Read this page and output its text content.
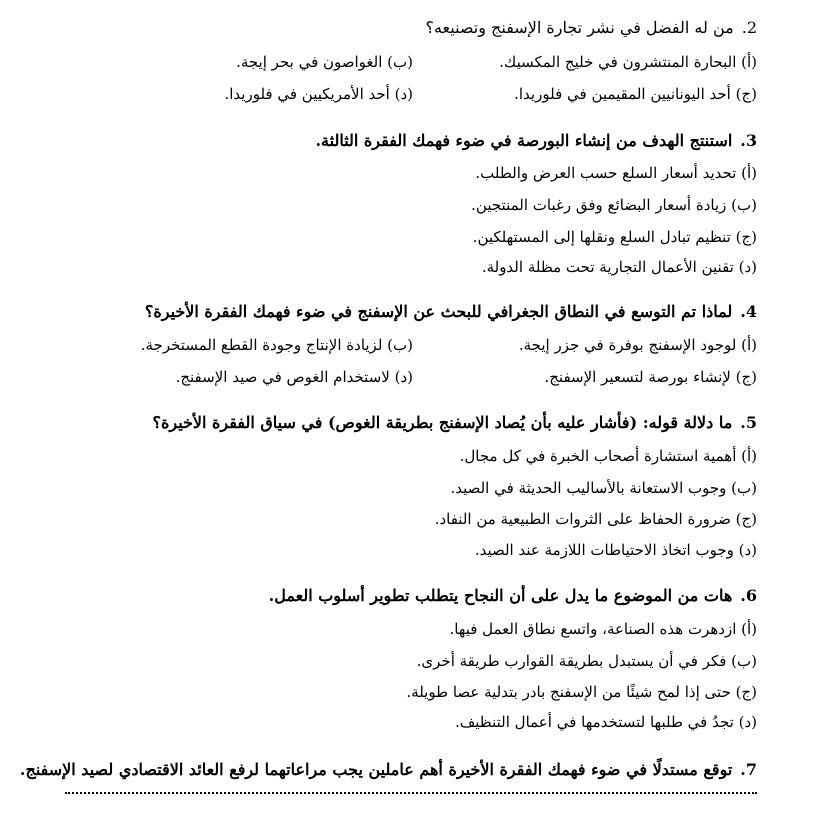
2.من له الفضل في نشر تجارة الإسفنج وتصنيعه؟
(أ) البحارة المنتشرون في خليج المكسيك.
(ب) الغواصون في بحر إيجة.
(ج) أحد اليونانيين المقيمين في فلوريدا.
(د) أحد الأمريكيين في فلوريدا.
3.استنتج الهدف من إنشاء البورصة في ضوء فهمك الفقرة الثالثة.
(أ) تحديد أسعار السلع حسب العرض والطلب.
(ب) زيادة أسعار البضائع وفق رغبات المنتجين.
(ج) تنظيم تبادل السلع ونقلها إلى المستهلكين.
(د) تقنين الأعمال التجارية تحت مظلة الدولة.
4.لماذا تم التوسع في النطاق الجغرافي للبحث عن الإسفنج في ضوء فهمك الفقرة الأخيرة؟
(أ) لوجود الإسفنج بوفرة في جزر إيجة.
(ب) لزيادة الإنتاج وجودة القطع المستخرجة.
(ج) لإنشاء بورصة لتسعير الإسفنج.
(د) لاستخدام الغوص في صيد الإسفنج.
5.ما دلالة قوله: (فأشار عليه بأن يُصاد الإسفنج بطريقة الغوص) في سياق الفقرة الأخيرة؟
(أ) أهمية استشارة أصحاب الخبرة في كل مجال.
(ب) وجوب الاستعانة بالأساليب الحديثة في الصيد.
(ج) ضرورة الحفاظ على الثروات الطبيعية من النفاد.
(د) وجوب اتخاذ الاحتياطات اللازمة عند الصيد.
6.هات من الموضوع ما يدل على أن النجاح يتطلب تطوير أسلوب العمل.
(أ) ازدهرت هذه الصناعة، واتسع نطاق العمل فيها.
(ب) فكر في أن يستبدل بطريقة القوارب طريقة أخرى.
(ج) حتى إذا لمح شيئًا من الإسفنج بادر بتدلية عصا طويلة.
(د) تجدُ في طلبها لتستخدمها في أعمال التنظيف.
7.توقع مستدلًا في ضوء فهمك الفقرة الأخيرة أهم عاملين يجب مراعاتهما لرفع العائد الاقتصادي لصيد الإسفنج.
